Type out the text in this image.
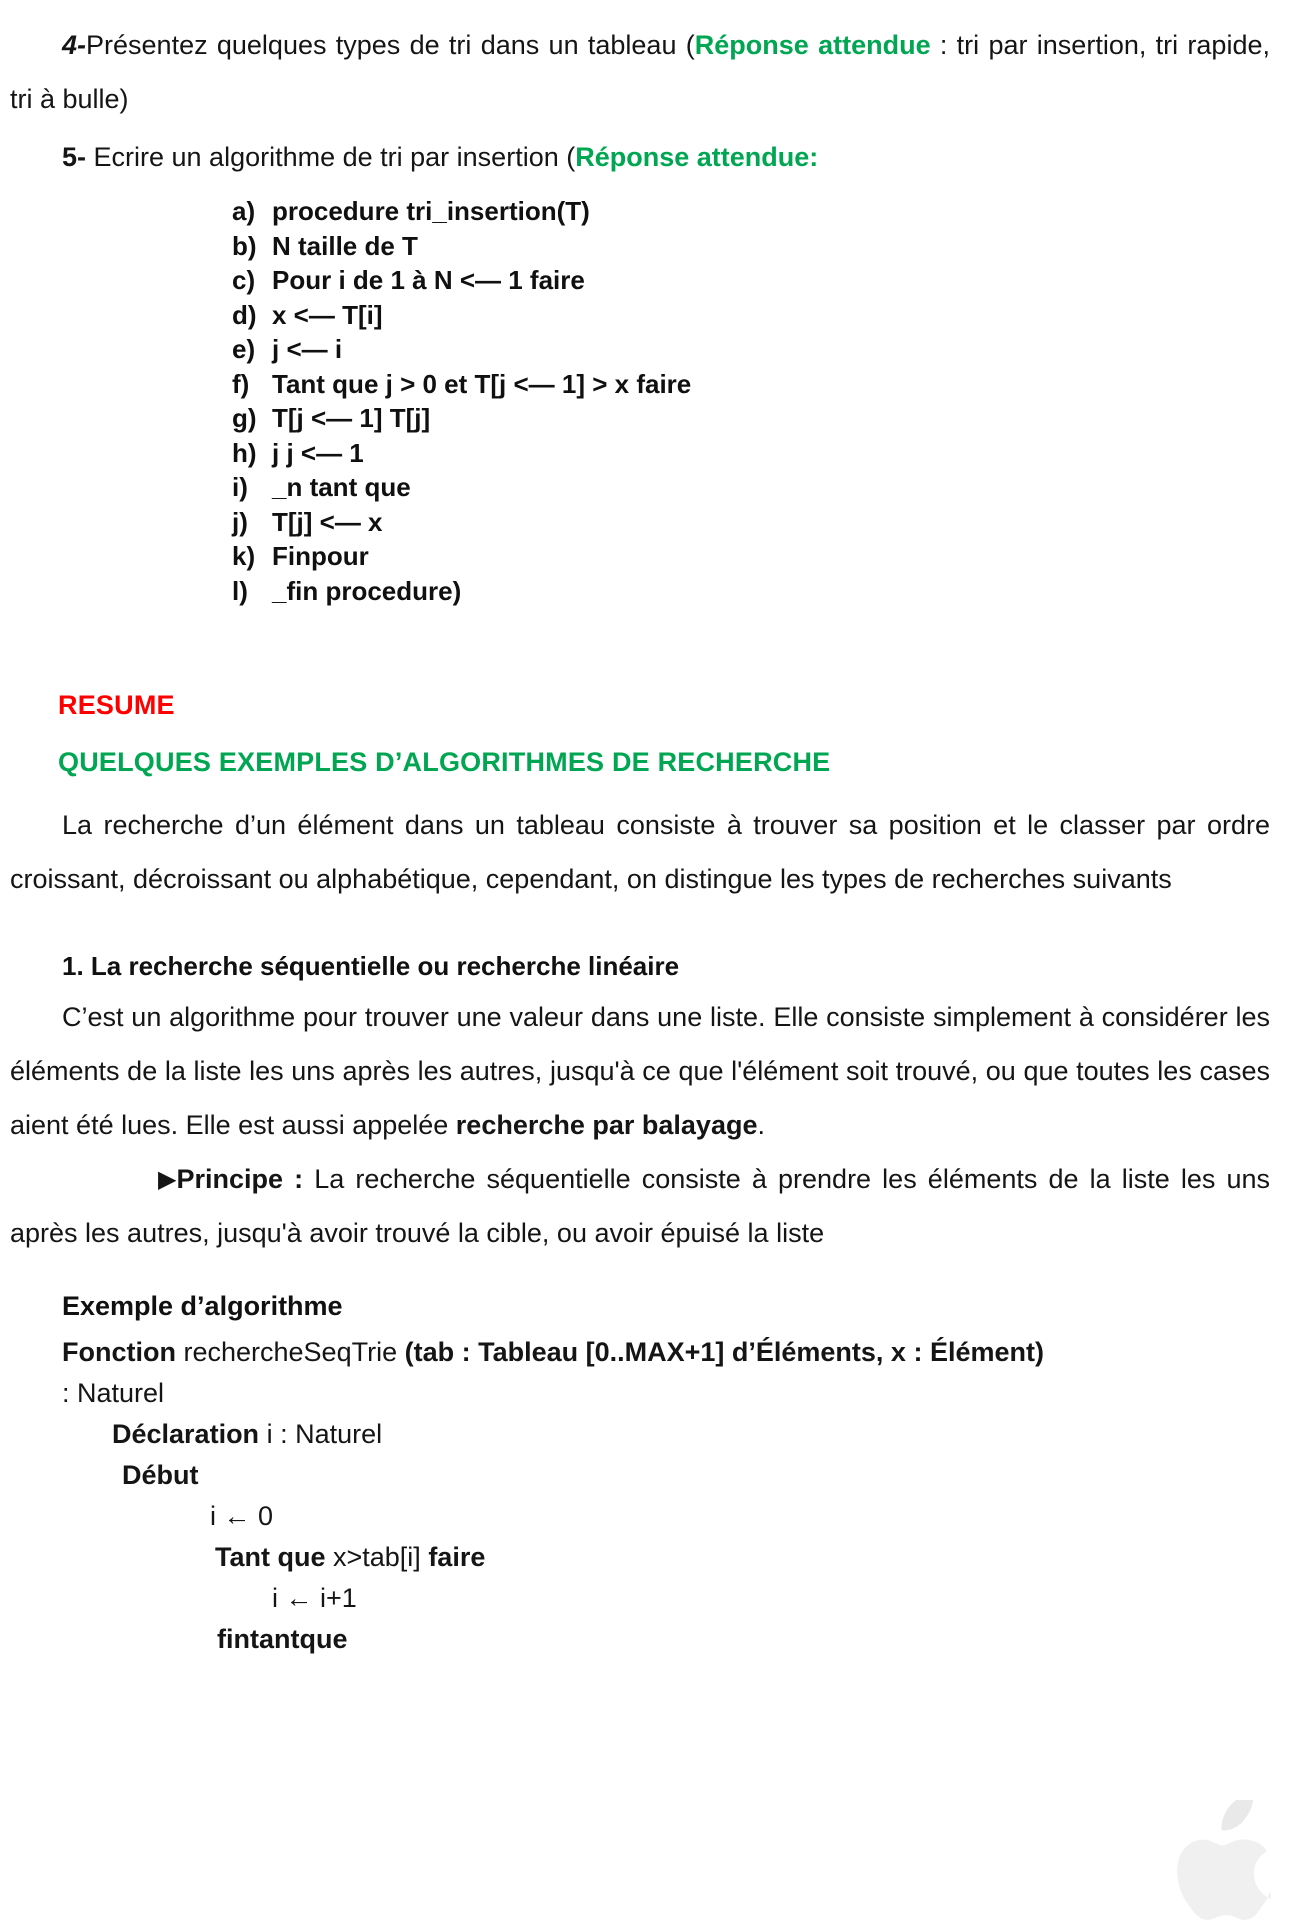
4-Présentez quelques types de tri dans un tableau (Réponse attendue : tri par insertion, tri rapide, tri à bulle)

5- Ecrire un algorithme de tri par insertion (Réponse attendue:

a) procedure tri_insertion(T)
b) N taille de T
c) Pour i de 1 à N <— 1 faire
d) x <— T[i]
e) j <— i
f) Tant que j > 0 et T[j <— 1] > x faire
g) T[j <— 1] T[j]
h) j j <— 1
i) _n tant que
j) T[j] <— x
k) Finpour
l) _fin procedure)
RESUME
QUELQUES EXEMPLES D’ALGORITHMES DE RECHERCHE

La recherche d’un élément dans un tableau consiste à trouver sa position et le classer par ordre croissant, décroissant ou alphabétique, cependant, on distingue les types de recherches suivants

1. La recherche séquentielle ou recherche linéaire

C’est un algorithme pour trouver une valeur dans une liste. Elle consiste simplement à considérer les éléments de la liste les uns après les autres, jusqu'à ce que l'élément soit trouvé, ou que toutes les cases aient été lues. Elle est aussi appelée recherche par balayage.

▶Principe : La recherche séquentielle consiste à prendre les éléments de la liste les uns après les autres, jusqu'à avoir trouvé la cible, ou avoir épuisé la liste

Exemple d’algorithme
Fonction rechercheSeqTrie (tab : Tableau [0..MAX+1] d’Éléments, x : Élément)
: Naturel
Déclaration i : Naturel
Début
i ← 0
Tant que x>tab[i] faire
i ← i+1
fintantque
